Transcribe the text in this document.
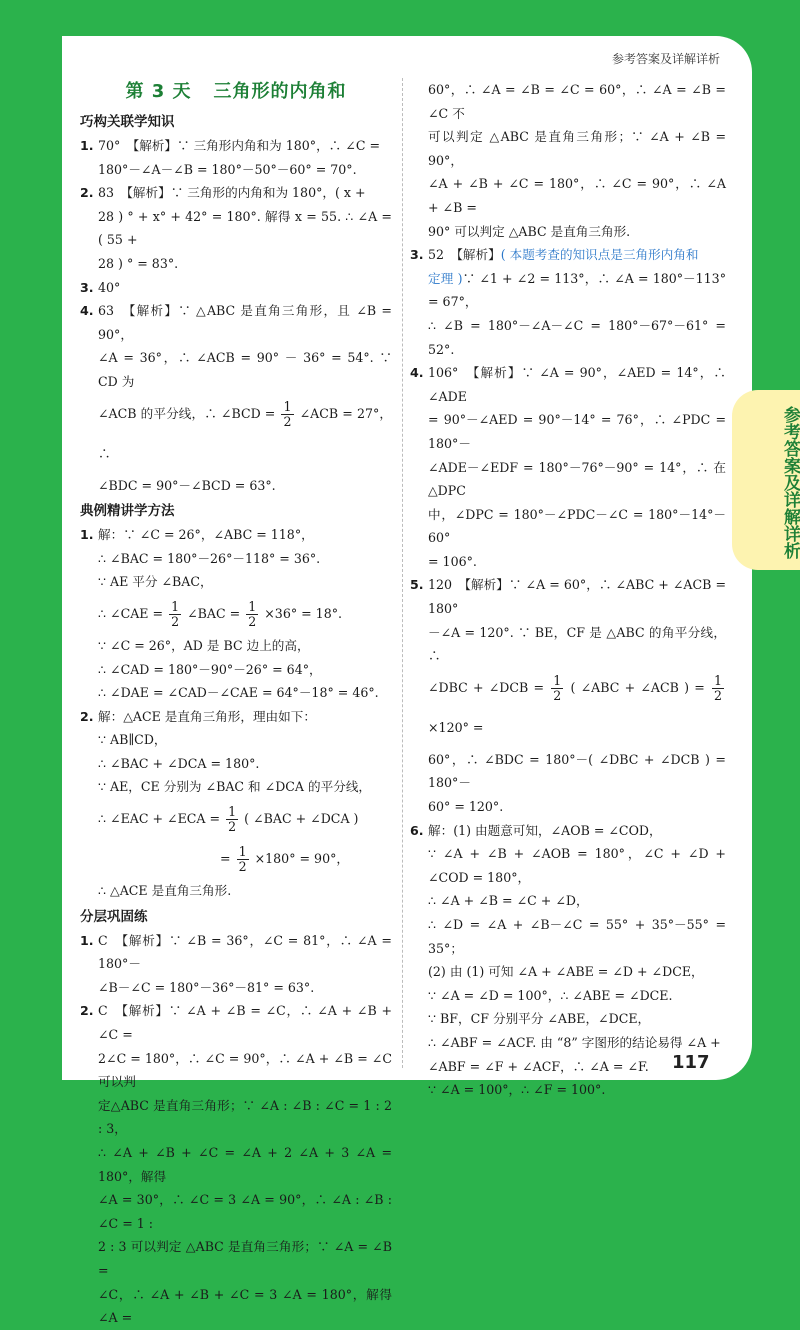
参考答案及详解详析
第 3 天 三角形的内角和
巧构关联学知识
1. 70°　【解析】∵ 三角形内角和为 180°，∴ ∠C =

180°－∠A－∠B = 180°－50°－60° = 70°.

2. 83　【解析】∵ 三角形的内角和为 180°，( x +

28 ) ° + x° + 42° = 180°. 解得 x = 55. ∴ ∠A = ( 55 +

28 ) ° = 83°.

3. 40°

4. 63　【解析】∵ △ABC 是直角三角形，且 ∠B = 90°，

∠A = 36°，∴ ∠ACB = 90° － 36° = 54°. ∵ CD 为

∠ACB 的平分线，∴ ∠BCD = $\frac{1}{2}$ ∠ACB = 27°，∴

∠BDC = 90°－∠BCD = 63°.

典例精讲学方法
1. 解：∵ ∠C = 26°，∠ABC = 118°，

∴ ∠BAC = 180°－26°－118° = 36°.

∵ AE 平分 ∠BAC，

∴ ∠CAE = $\frac{1}{2}$ ∠BAC = $\frac{1}{2} \times 36^\circ = 18^\circ$.

∵ ∠C = 26°，AD 是 BC 边上的高，

∴ ∠CAD = 180°－90°－26° = 64°，

∴ ∠DAE = ∠CAD－∠CAE = 64°－18° = 46°.

2. 解：△ACE 是直角三角形，理由如下：

∵ AB∥CD，

∴ ∠BAC + ∠DCA = 180°.

∵ AE，CE 分别为 ∠BAC 和 ∠DCA 的平分线，

∴ ∠EAC + ∠ECA = $\frac{1}{2}$ ( ∠BAC + ∠DCA )

= $\frac{1}{2} \times 180^\circ = 90^\circ$，

∴ △ACE 是直角三角形.

分层巩固练
1. C　【解析】∵ ∠B = 36°，∠C = 81°，∴ ∠A = 180°－

∠B－∠C = 180°－36°－81° = 63°.

2. C　【解析】∵ ∠A + ∠B = ∠C，∴ ∠A + ∠B + ∠C =

2∠C = 180°，∴ ∠C = 90°，∴ ∠A + ∠B = ∠C 可以判

定△ABC 是直角三角形；∵ ∠A : ∠B : ∠C = 1 : 2 : 3，

∴ ∠A + ∠B + ∠C = ∠A + 2 ∠A + 3 ∠A = 180°，解得

∠A = 30°，∴ ∠C = 3 ∠A = 90°，∴ ∠A : ∠B : ∠C = 1 :

2 : 3 可以判定 △ABC 是直角三角形；∵ ∠A = ∠B =

∠C，∴ ∠A + ∠B + ∠C = 3 ∠A = 180°，解得 ∠A =

60°，∴ ∠A = ∠B = ∠C = 60°，∴ ∠A = ∠B = ∠C 不

可以判定 △ABC 是直角三角形；∵ ∠A + ∠B = 90°，

∠A + ∠B + ∠C = 180°，∴ ∠C = 90°，∴ ∠A + ∠B =

90° 可以判定 △ABC 是直角三角形.

3. 52　【解析】( 本题考查的知识点是三角形内角和

定理 )∵ ∠1 + ∠2 = 113°，∴ ∠A = 180°－113° = 67°，

∴ ∠B = 180°－∠A－∠C = 180°－67°－61° = 52°.

4. 106°　【解析】∵ ∠A = 90°，∠AED = 14°，∴ ∠ADE

= 90°－∠AED = 90°－14° = 76°，∴ ∠PDC = 180°－

∠ADE－∠EDF = 180°－76°－90° = 14°，∴ 在 △DPC

中，∠DPC = 180°－∠PDC－∠C = 180°－14°－60°

= 106°.

5. 120　【解析】∵ ∠A = 60°，∴ ∠ABC + ∠ACB = 180°

－∠A = 120°. ∵ BE，CF 是 △ABC 的角平分线，∴

∠DBC + ∠DCB = $\frac{1}{2}$ ( ∠ABC + ∠ACB ) = $\frac{1}{2}$
×120° =

60°，∴ ∠BDC = 180°－( ∠DBC + ∠DCB ) = 180°－

60° = 120°.

6. 解：(1) 由题意可知，∠AOB = ∠COD，

∵ ∠A + ∠B + ∠AOB = 180°，∠C + ∠D + ∠COD = 180°，

∴ ∠A + ∠B = ∠C + ∠D，

∴ ∠D = ∠A + ∠B－∠C = 55° + 35°－55° = 35°；

(2) 由 (1) 可知 ∠A + ∠ABE = ∠D + ∠DCE，

∵ ∠A = ∠D = 100°，∴ ∠ABE = ∠DCE.

∵ BF，CF 分别平分 ∠ABE，∠DCE，

∴ ∠ABF = ∠ACF. 由 “8” 字图形的结论易得 ∠A +

∠ABF = ∠F + ∠ACF，∴ ∠A = ∠F.

∵ ∠A = 100°，∴ ∠F = 100°.

参考答案及详解详析
117
